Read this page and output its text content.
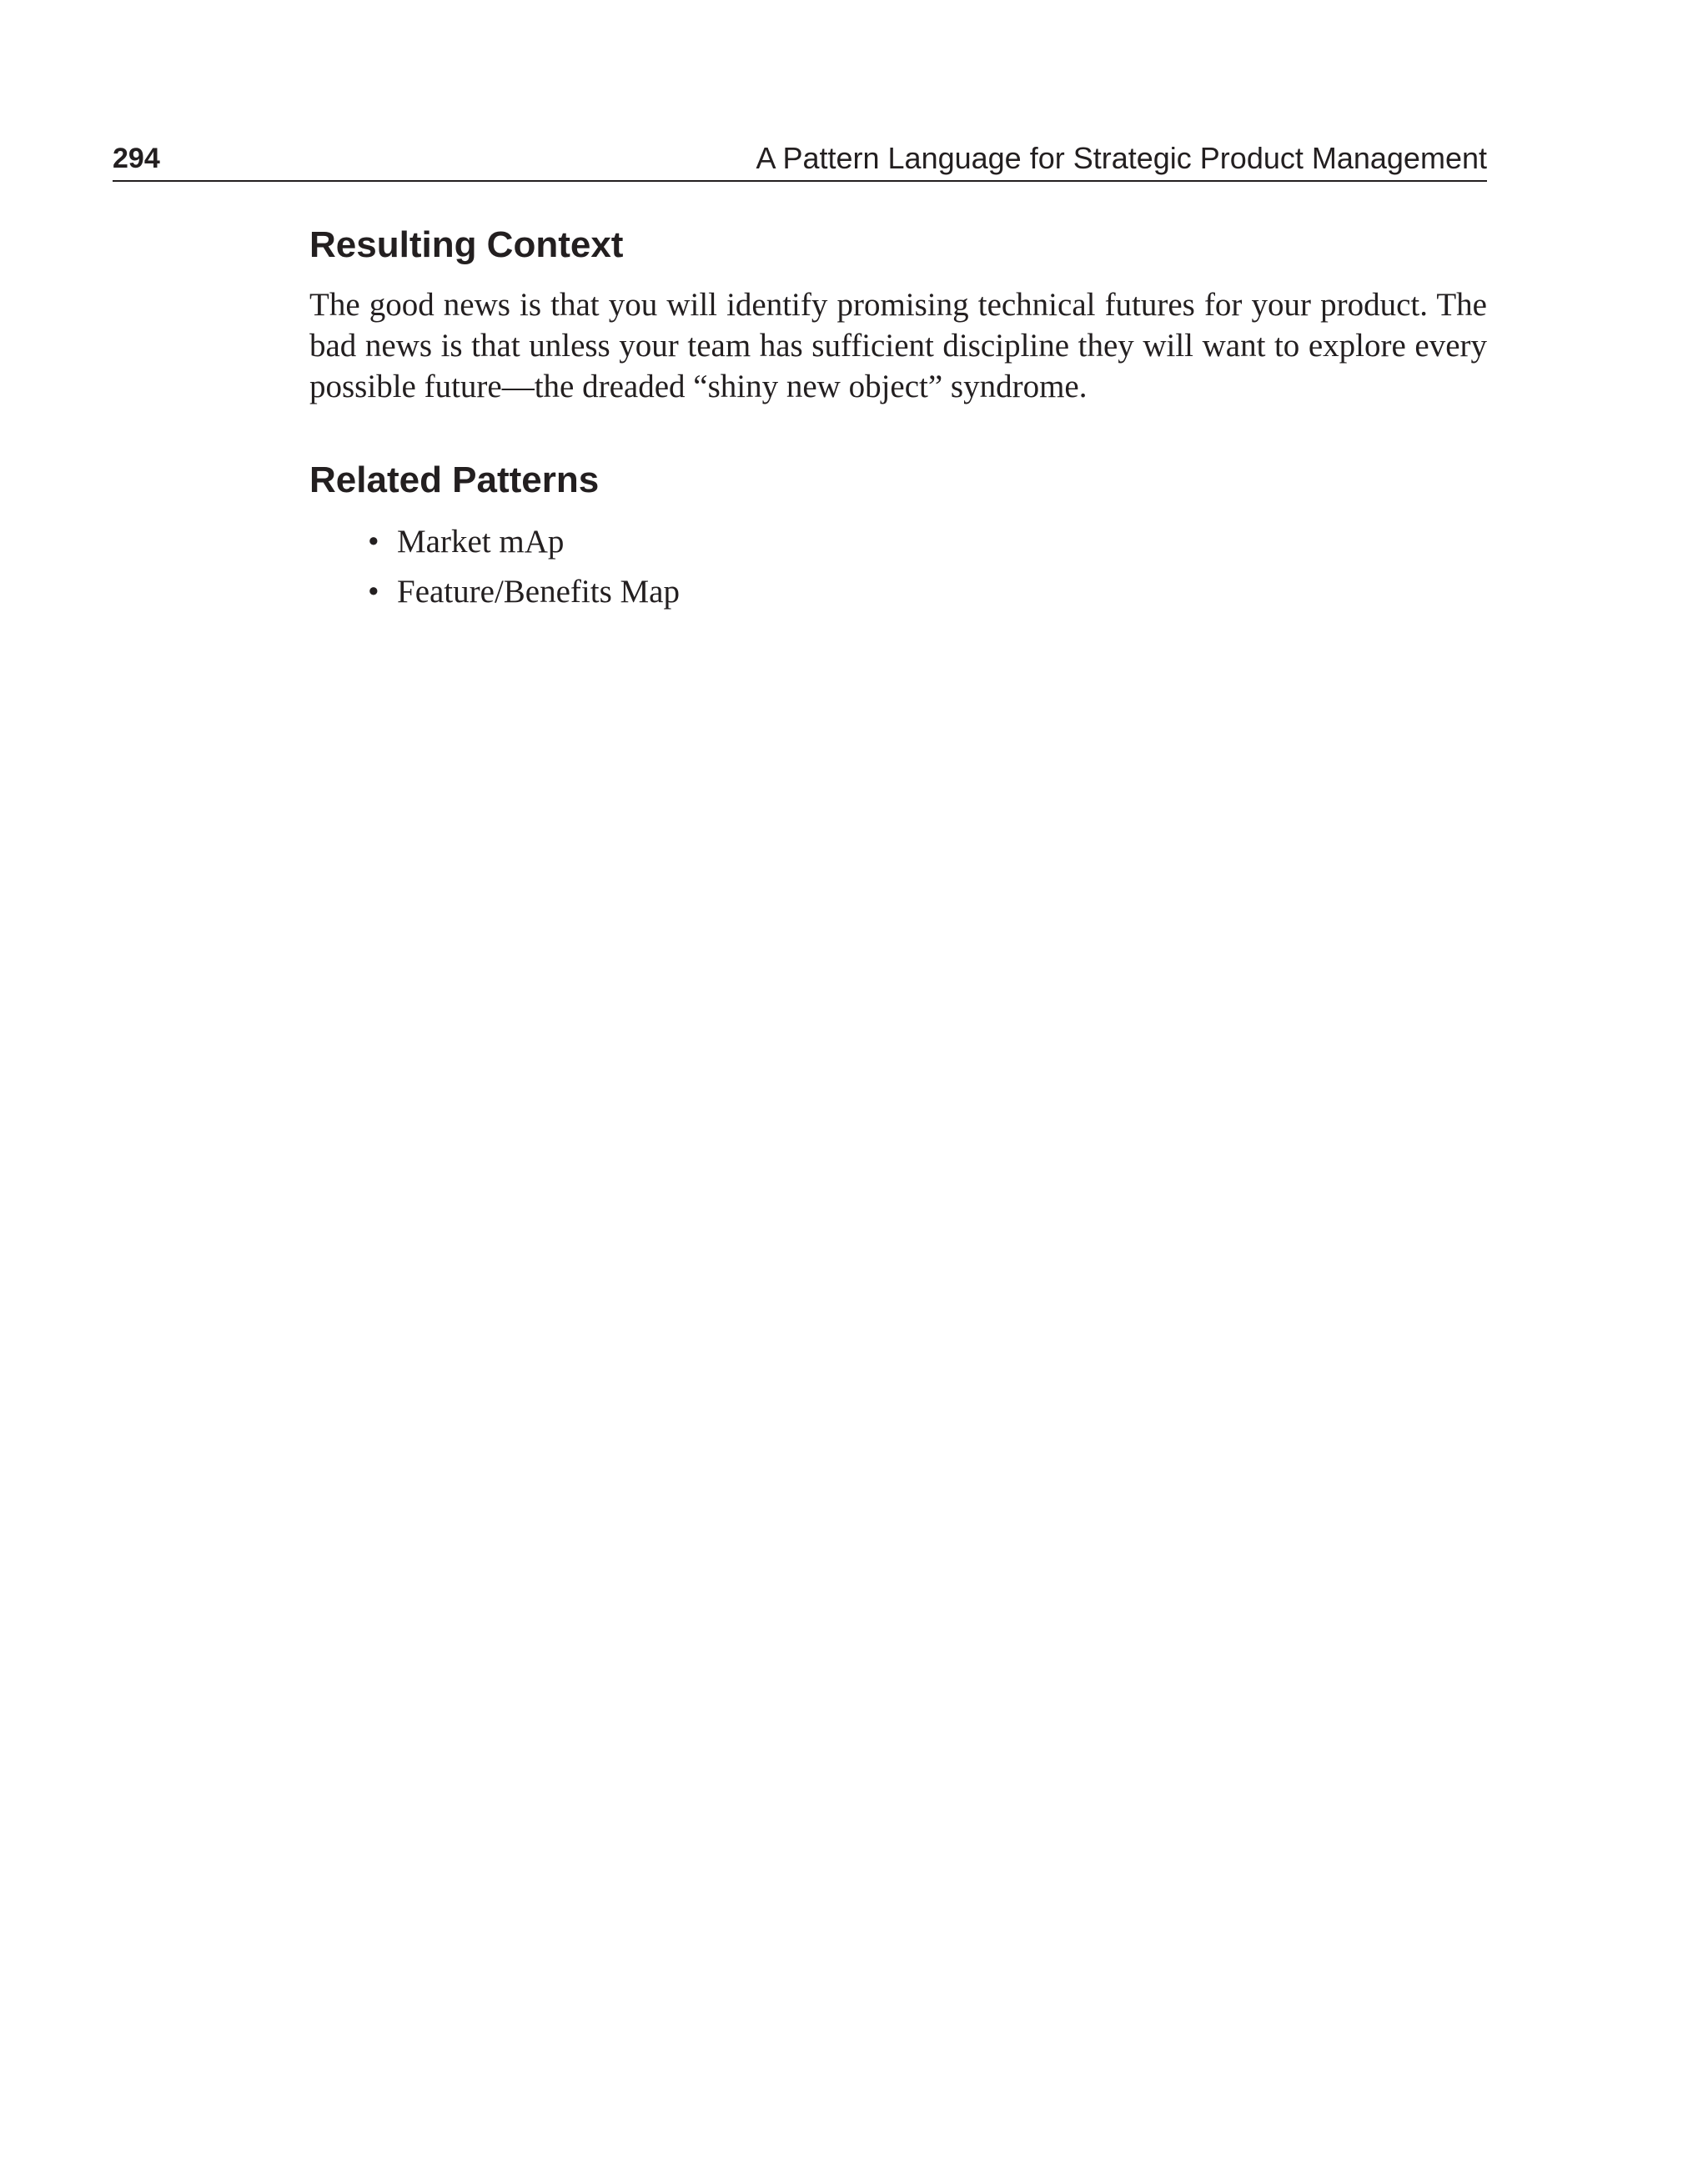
294	A Pattern Language for Strategic Product Management

Resulting Context

The good news is that you will identify promising technical futures for your product. The bad news is that unless your team has sufficient discipline they will want to explore every possible future—the dreaded “shiny new object” syndrome.

Related Patterns
• Market mAp
• Feature/Benefits Map
